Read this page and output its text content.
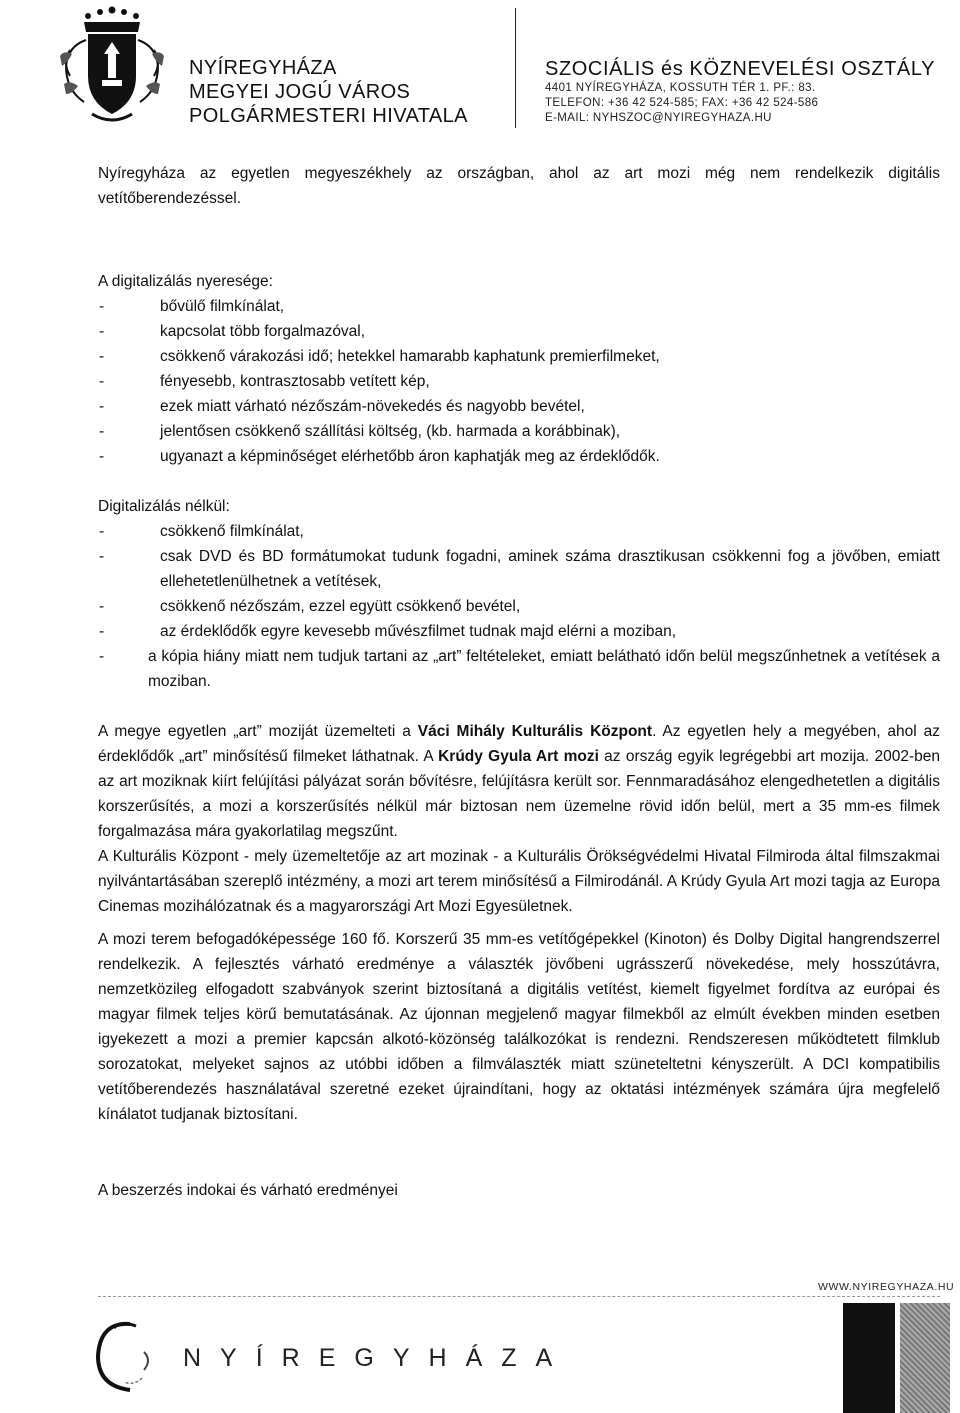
NYÍREGYHÁZA
MEGYEI JOGÚ VÁROS
POLGÁRMESTERI HIVATALA
SZOCIÁLIS és KÖZNEVELÉSI OSZTÁLY
4401 NYÍREGYHÁZA, KOSSUTH TÉR 1. PF.: 83.
TELEFON: +36 42 524-585; FAX: +36 42 524-586
E-MAIL: NYHSZOC@NYIREGYHAZA.HU

Nyíregyháza az egyetlen megyeszékhely az országban, ahol az art mozi még nem rendelkezik digitális vetítőberendezéssel.

A digitalizálás nyeresége:

-	bővülő filmkínálat,
-	kapcsolat több forgalmazóval,
-	csökkenő várakozási idő; hetekkel hamarabb kaphatunk premierfilmeket,
-	fényesebb, kontrasztosabb vetített kép,
-	ezek miatt várható nézőszám-növekedés és nagyobb bevétel,
-	jelentősen csökkenő szállítási költség, (kb. harmada a korábbinak),
-	ugyanazt a képminőséget elérhetőbb áron kaphatják meg az érdeklődők.

Digitalizálás nélkül:

-	csökkenő filmkínálat,
-	csak DVD és BD formátumokat tudunk fogadni, aminek száma drasztikusan csökkenni fog a jövőben, emiatt ellehetetlenülhetnek a vetítések,
-	csökkenő nézőszám, ezzel együtt csökkenő bevétel,
-	az érdeklődők egyre kevesebb művészfilmet tudnak majd elérni a moziban,
-	a kópia hiány miatt nem tudjuk tartani az „art” feltételeket, emiatt belátható időn belül megszűnhetnek a vetítések a moziban.

A megye egyetlen „art” moziját üzemelteti a Váci Mihály Kulturális Központ. Az egyetlen hely a megyében, ahol az érdeklődők „art” minősítésű filmeket láthatnak. A Krúdy Gyula Art mozi az ország egyik legrégebbi art mozija. 2002-ben az art moziknak kiírt felújítási pályázat során bővítésre, felújításra került sor. Fennmaradásához elengedhetetlen a digitális korszerűsítés, a mozi a korszerűsítés nélkül már biztosan nem üzemelne rövid időn belül, mert a 35 mm-es filmek forgalmazása mára gyakorlatilag megszűnt.

A Kulturális Központ - mely üzemeltetője az art mozinak - a Kulturális Örökségvédelmi Hivatal Filmiroda által filmszakmai nyilvántartásában szereplő intézmény, a mozi art terem minősítésű a Filmirodánál. A Krúdy Gyula Art mozi tagja az Europa Cinemas mozihálózatnak és a magyarországi Art Mozi Egyesületnek.

A mozi terem befogadóképessége 160 fő. Korszerű 35 mm-es vetítőgépekkel (Kinoton) és Dolby Digital hangrendszerrel rendelkezik. A fejlesztés várható eredménye a választék jövőbeni ugrásszerű növekedése, mely hosszútávra, nemzetközileg elfogadott szabványok szerint biztosítaná a digitális vetítést, kiemelt figyelmet fordítva az európai és magyar filmek teljes körű bemutatásának. Az újonnan megjelenő magyar filmekből az elmúlt években minden esetben igyekezett a mozi a premier kapcsán alkotó-közönség találkozókat is rendezni. Rendszeresen működtetett filmklub sorozatokat, melyeket sajnos az utóbbi időben a filmválaszték miatt szüneteltetni kényszerült. A DCI kompatibilis vetítőberendezés használatával szeretné ezeket újraindítani, hogy az oktatási intézmények számára újra megfelelő kínálatot tudjanak biztosítani.

A beszerzés indokai és várható eredményei

WWW.NYIREGYHAZA.HU
NYÍREGYHÁZA
